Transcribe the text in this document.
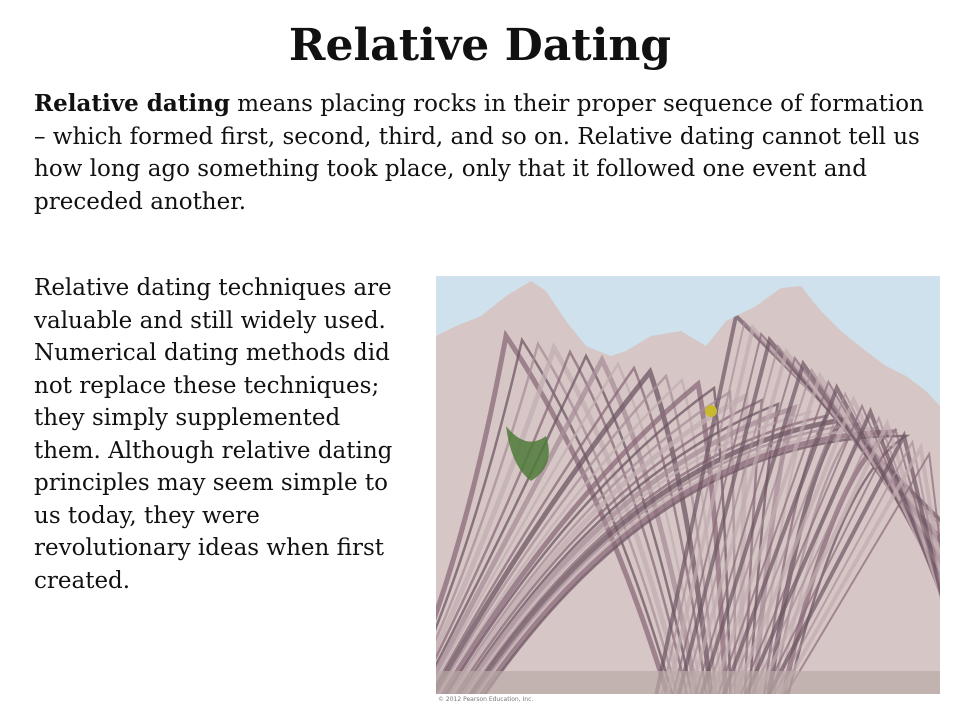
Relative Dating

Relative dating means placing rocks in their proper sequence of formation – which formed first, second, third, and so on. Relative dating cannot tell us how long ago something took place, only that it followed one event and preceded another.

Relative dating techniques are valuable and still widely used. Numerical dating methods did not replace these techniques; they simply supplemented them. Although relative dating principles may seem simple to us today, they were revolutionary ideas when first created.

© 2012 Pearson Education, Inc.
